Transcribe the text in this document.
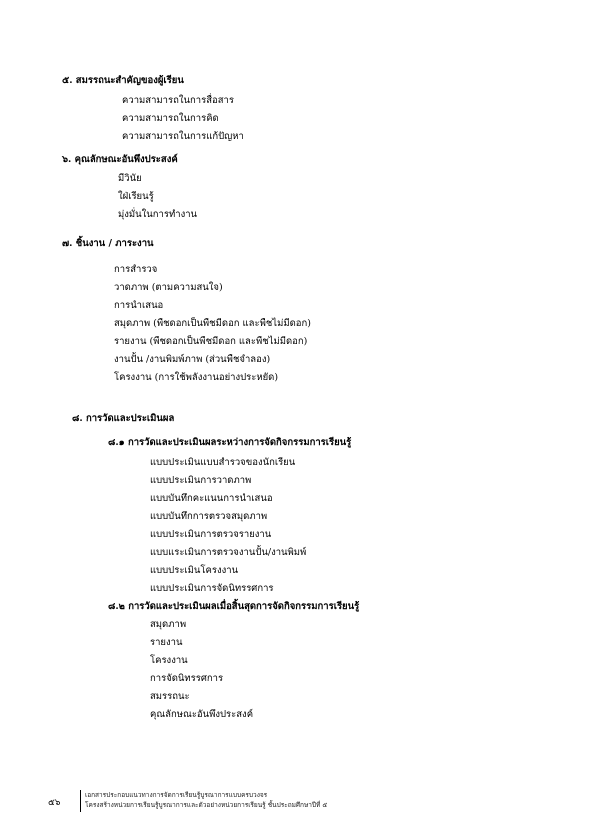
๕. สมรรถนะสำคัญของผู้เรียน
ความสามารถในการสื่อสาร
ความสามารถในการคิด
ความสามารถในการแก้ปัญหา
๖. คุณลักษณะอันพึงประสงค์
มีวินัย
ใฝ่เรียนรู้
มุ่งมั่นในการทำงาน
๗. ชิ้นงาน / ภาระงาน
การสำรวจ
วาดภาพ (ตามความสนใจ)
การนำเสนอ
สมุดภาพ (พืชดอกเป็นพืชมีดอก และพืชไม่มีดอก)
รายงาน (พืชดอกเป็นพืชมีดอก และพืชไม่มีดอก)
งานปั้น /งานพิมพ์ภาพ (ส่วนพืชจำลอง)
โครงงาน (การใช้พลังงานอย่างประหยัด)
๘. การวัดและประเมินผล
๘.๑ การวัดและประเมินผลระหว่างการจัดกิจกรรมการเรียนรู้
แบบประเมินแบบสำรวจของนักเรียน
แบบประเมินการวาดภาพ
แบบบันทึกคะแนนการนำเสนอ
แบบบันทึกการตรวจสมุดภาพ
แบบประเมินการตรวจรายงาน
แบบแระเมินการตรวจงานปั้น/งานพิมพ์
แบบประเมินโครงงาน
แบบประเมินการจัดนิทรรศการ
๘.๒ การวัดและประเมินผลเมื่อสิ้นสุดการจัดกิจกรรมการเรียนรู้
สมุดภาพ
รายงาน
โครงงาน
การจัดนิทรรศการ
สมรรถนะ
คุณลักษณะอันพึงประสงค์
๕๖
เอกสารประกอบแนวทางการจัดการเรียนรู้บูรณาการแบบครบวงจร
โครงสร้างหน่วยการเรียนรู้บูรณาการและตัวอย่างหน่วยการเรียนรู้ ชั้นประถมศึกษาปีที่ ๕
